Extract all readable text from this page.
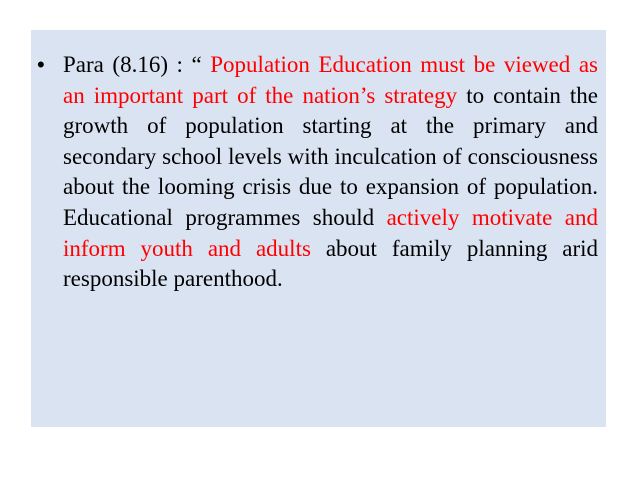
• Para (8.16) : “ Population Education must be viewed as an important part of the nation’s strategy to contain the growth of population starting at the primary and secondary school levels with inculcation of consciousness about the looming crisis due to expansion of population. Educational programmes should actively motivate and inform youth and adults about family planning arid responsible parenthood.
